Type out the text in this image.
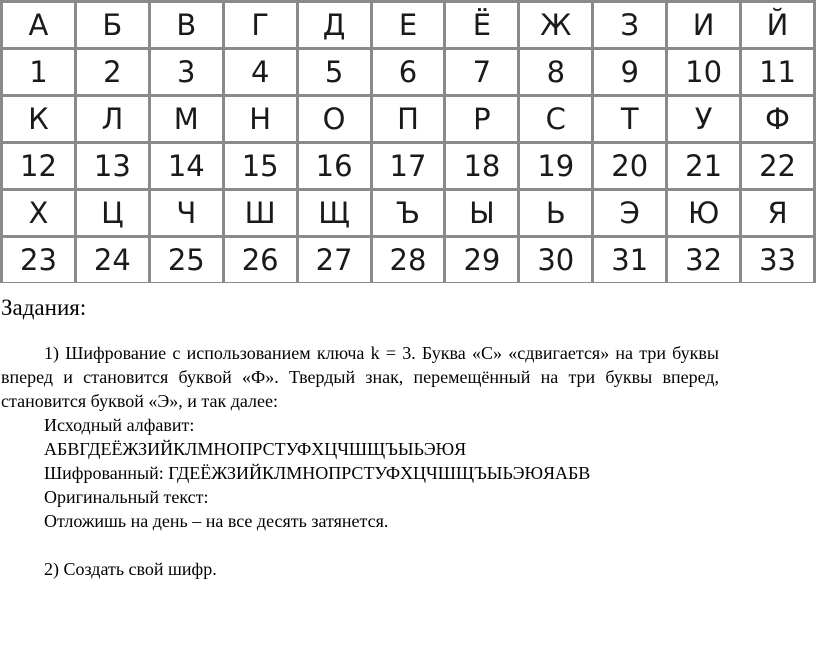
А	Б	В	Г	Д	Е	Ё	Ж	З	И	Й
1	2	3	4	5	6	7	8	9	10	11
К	Л	М	Н	О	П	Р	С	Т	У	Ф
12	13	14	15	16	17	18	19	20	21	22
Х	Ц	Ч	Ш	Щ	Ъ	Ы	Ь	Э	Ю	Я
23	24	25	26	27	28	29	30	31	32	33
Задания:
1) Шифрование с использованием ключа k = 3. Буква «С» «сдвигается» на три буквы вперед и становится буквой «Ф». Твердый знак, перемещённый на три буквы вперед, становится буквой «Э», и так далее:
Исходный алфавит:
АБВГДЕЁЖЗИЙКЛМНОПРСТУФХЦЧШЩЪЫЬЭЮЯ
Шифрованный: ГДЕЁЖЗИЙКЛМНОПРСТУФХЦЧШЩЪЫЬЭЮЯАБВ
Оригинальный текст:
Отложишь на день – на все десять затянется.
2) Создать свой шифр.
